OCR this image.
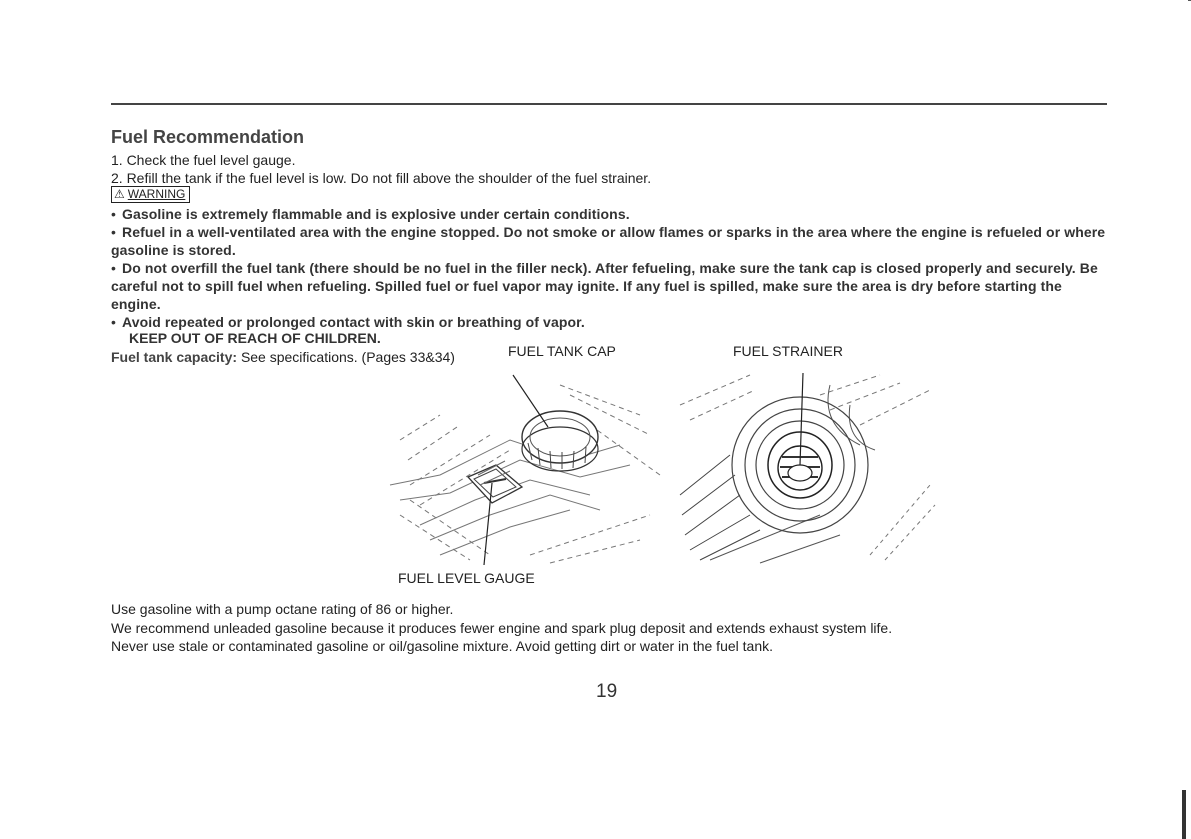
Fuel Recommendation
1. Check the fuel level gauge.
2. Refill the tank if the fuel level is low. Do not fill above the shoulder of the fuel strainer.
⚠ WARNING
• Gasoline is extremely flammable and is explosive under certain conditions.
• Refuel in a well-ventilated area with the engine stopped. Do not smoke or allow flames or sparks in the area where the engine is refueled or where gasoline is stored.
• Do not overfill the fuel tank (there should be no fuel in the filler neck). After fefueling, make sure the tank cap is closed properly and securely. Be careful not to spill fuel when refueling. Spilled fuel or fuel vapor may ignite. If any fuel is spilled, make sure the area is dry before starting the engine.
• Avoid repeated or prolonged contact with skin or breathing of vapor.
KEEP OUT OF REACH OF CHILDREN.
Fuel tank capacity: See specifications. (Pages 33&34)	FUEL TANK CAP	FUEL STRAINER
FUEL LEVEL GAUGE
Use gasoline with a pump octane rating of 86 or higher.
We recommend unleaded gasoline because it produces fewer engine and spark plug deposit and extends exhaust system life.
Never use stale or contaminated gasoline or oil/gasoline mixture. Avoid getting dirt or water in the fuel tank.
19
